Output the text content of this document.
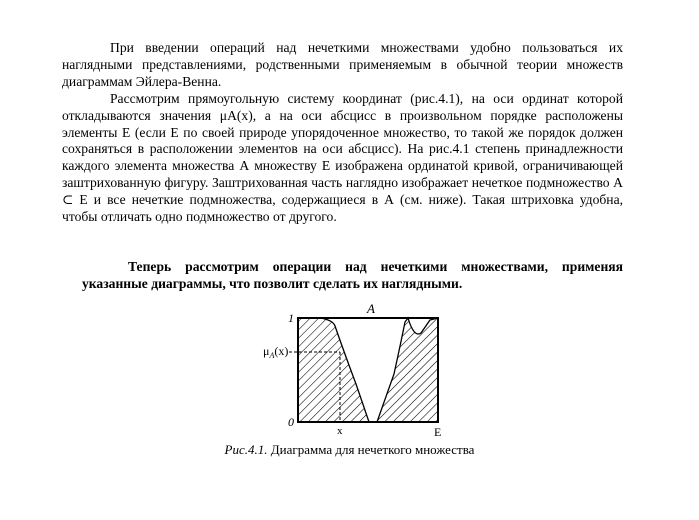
При введении операций над нечеткими множествами удобно пользоваться их наглядными представлениями, родственными применяемым в обычной теории множеств диаграммам Эйлера-Венна.

Рассмотрим прямоугольную систему координат (рис.4.1), на оси ординат которой откладываются значения μA(x), а на оси абсцисс в произвольном порядке расположены элементы Е (если Е по своей природе упорядоченное множество, то такой же порядок должен сохраняться в расположении элементов на оси абсцисс). На рис.4.1 степень принадлежности каждого элемента множества А множеству Е изображена ординатой кривой, ограничивающей заштрихованную фигуру. Заштрихованная часть наглядно изображает нечеткое подмножество A ⊂ E и все нечеткие подмножества, содержащиеся в А (см. ниже). Такая штриховка удобна, чтобы отличать одно подмножество от другого.

Теперь рассмотрим операции над нечеткими множествами, применяя указанные диаграммы, что позволит сделать их наглядными.

A
1
0
$\mu_A(x)$
x	E
Рис.4.1. Диаграмма для нечеткого множества
